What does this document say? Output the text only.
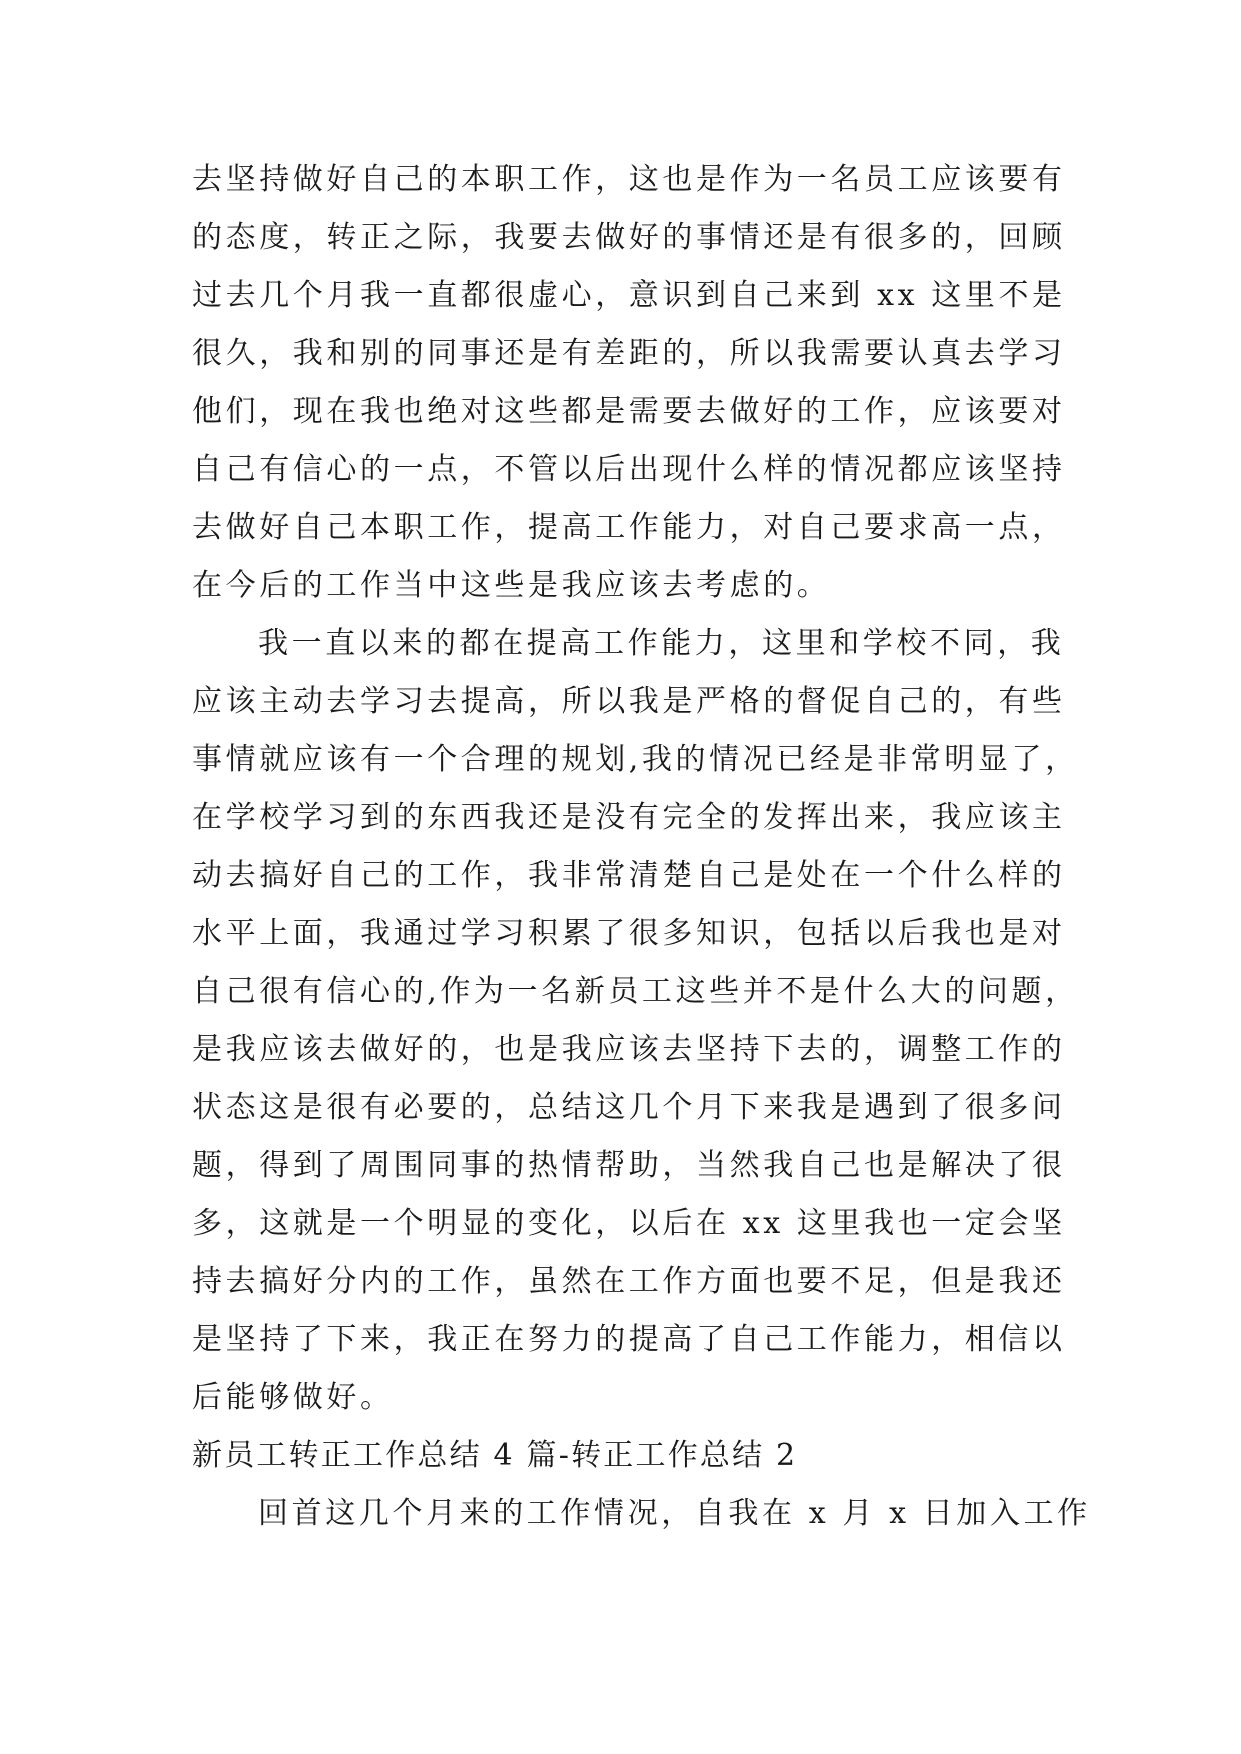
去坚持做好自己的本职工作，这也是作为一名员工应该要有
的态度，转正之际，我要去做好的事情还是有很多的，回顾
过去几个月我一直都很虚心，意识到自己来到 xx 这里不是
很久，我和别的同事还是有差距的，所以我需要认真去学习
他们，现在我也绝对这些都是需要去做好的工作，应该要对
自己有信心的一点，不管以后出现什么样的情况都应该坚持
去做好自己本职工作，提高工作能力，对自己要求高一点，
在今后的工作当中这些是我应该去考虑的。
我一直以来的都在提高工作能力，这里和学校不同，我
应该主动去学习去提高，所以我是严格的督促自己的，有些
事情就应该有一个合理的规划,我的情况已经是非常明显了，
在学校学习到的东西我还是没有完全的发挥出来，我应该主
动去搞好自己的工作，我非常清楚自己是处在一个什么样的
水平上面，我通过学习积累了很多知识，包括以后我也是对
自己很有信心的,作为一名新员工这些并不是什么大的问题，
是我应该去做好的，也是我应该去坚持下去的，调整工作的
状态这是很有必要的，总结这几个月下来我是遇到了很多问
题，得到了周围同事的热情帮助，当然我自己也是解决了很
多，这就是一个明显的变化，以后在 xx 这里我也一定会坚
持去搞好分内的工作，虽然在工作方面也要不足，但是我还
是坚持了下来，我正在努力的提高了自己工作能力，相信以
后能够做好。
新员工转正工作总结 4 篇-转正工作总结 2
回首这几个月来的工作情况，自我在 x 月 x 日加入工作
